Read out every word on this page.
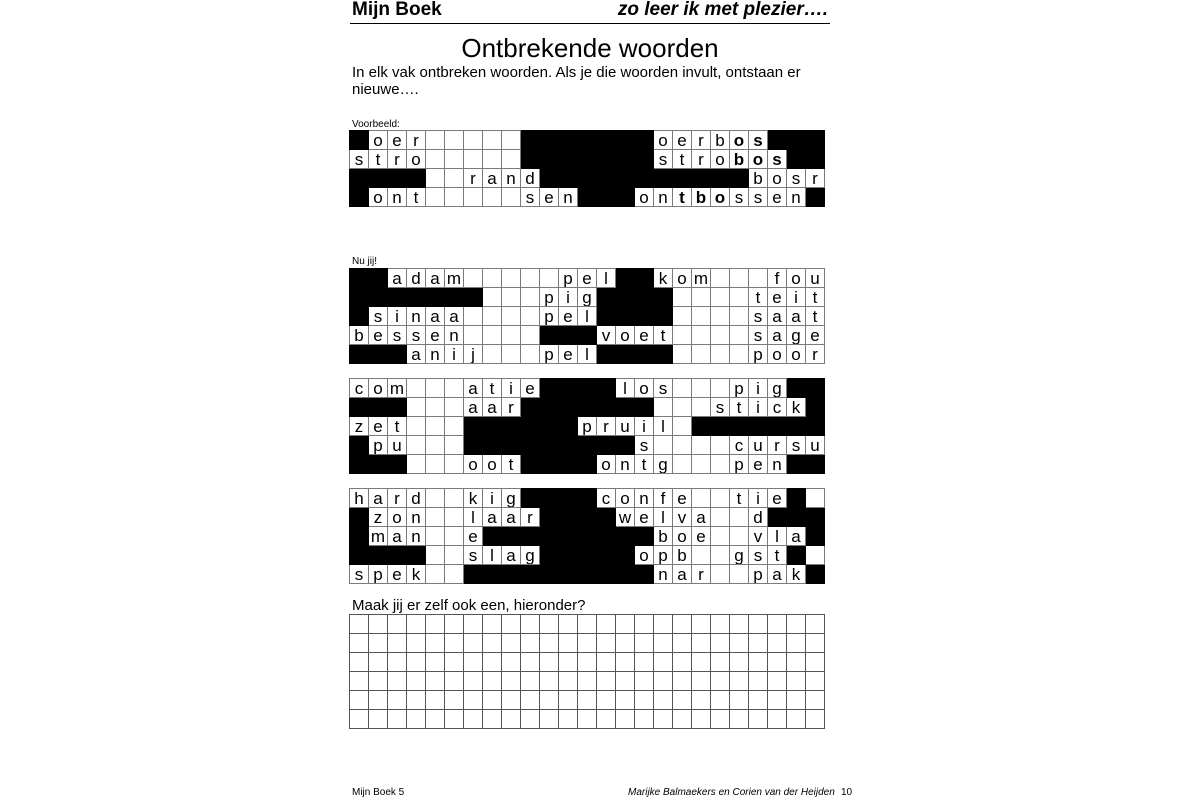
Mijn Boek	zo leer ik met plezier….
Ontbrekende woorden
In elk vak ontbreken woorden. Als je die woorden invult, ontstaan er nieuwe….
Voorbeeld:
	o	e	r													o	e	r	b	o	s			
s	t	r	o													s	t	r	o	b	o	s		
						r	a	n	d												b	o	s	r
	o	n	t						s	e	n				o	n	t	b	o	s	s	e	n	
Nu jij!
		a	d	a	m						p	e	l			k	o	m				f	o	u
										p	i	g									t	e	i	t
	s	i	n	a	a					p	e	l									s	a	a	t
b	e	s	s	e	n								v	o	e	t					s	a	g	e
			a	n	i	j				p	e	l									p	o	o	r
c	o	m				a	t	i	e					l	o	s				p	i	g		
						a	a	r											s	t	i	c	k	
z	e	t										p	r	u	i	l								
	p	u													s					c	u	r	s	u
						o	o	t					o	n	t	g				p	e	n		
h	a	r	d			k	i	g					c	o	n	f	e			t	i	e		
	z	o	n			l	a	a	r					w	e	l	v	a			d			
	m	a	n			e										b	o	e			v	l	a	
						s	l	a	g						o	p	b			g	s	t		
s	p	e	k													n	a	r			p	a	k	
Maak jij er zelf ook een, hieronder?

Mijn Boek 5	Marijke Balmaekers en Corien van der Heijden 10
